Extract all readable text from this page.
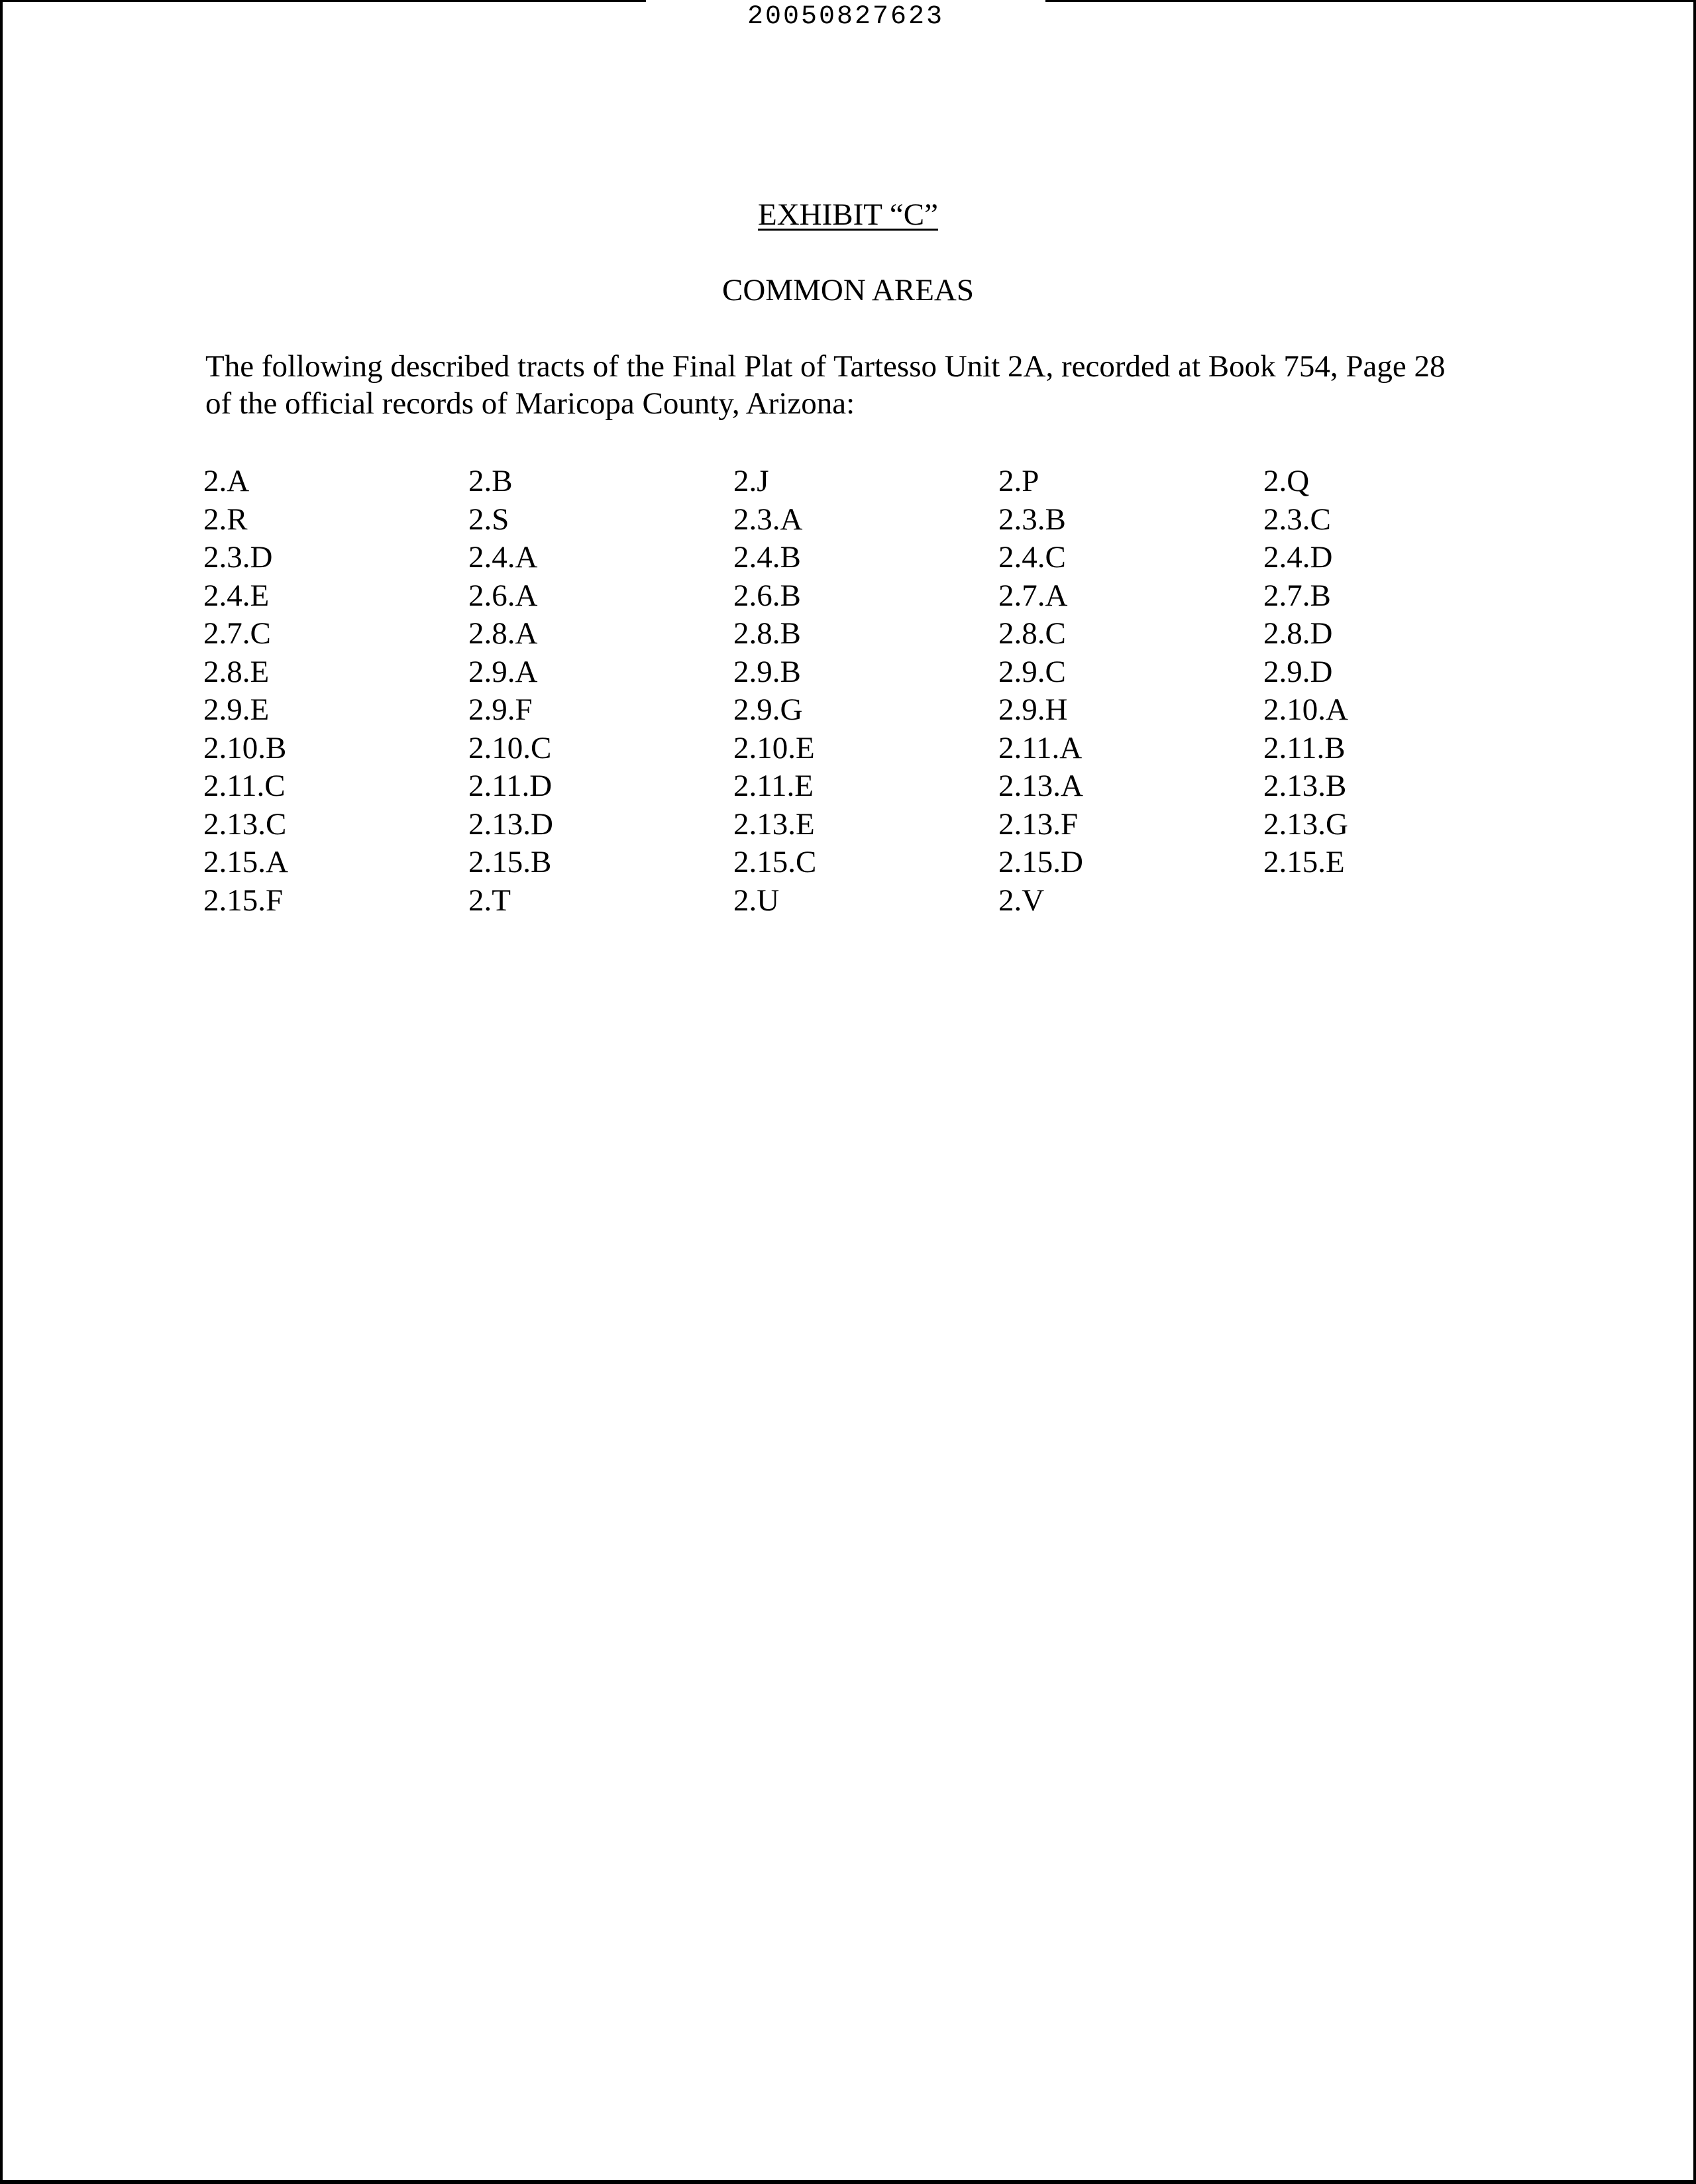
20050827623
EXHIBIT “C”
COMMON AREAS

The following described tracts of the Final Plat of Tartesso Unit 2A, recorded at Book 754, Page 28
of the official records of Maricopa County, Arizona:

2.A	2.B	2.J	2.P	2.Q
2.R	2.S	2.3.A	2.3.B	2.3.C
2.3.D	2.4.A	2.4.B	2.4.C	2.4.D
2.4.E	2.6.A	2.6.B	2.7.A	2.7.B
2.7.C	2.8.A	2.8.B	2.8.C	2.8.D
2.8.E	2.9.A	2.9.B	2.9.C	2.9.D
2.9.E	2.9.F	2.9.G	2.9.H	2.10.A
2.10.B	2.10.C	2.10.E	2.11.A	2.11.B
2.11.C	2.11.D	2.11.E	2.13.A	2.13.B
2.13.C	2.13.D	2.13.E	2.13.F	2.13.G
2.15.A	2.15.B	2.15.C	2.15.D	2.15.E
2.15.F	2.T	2.U	2.V
